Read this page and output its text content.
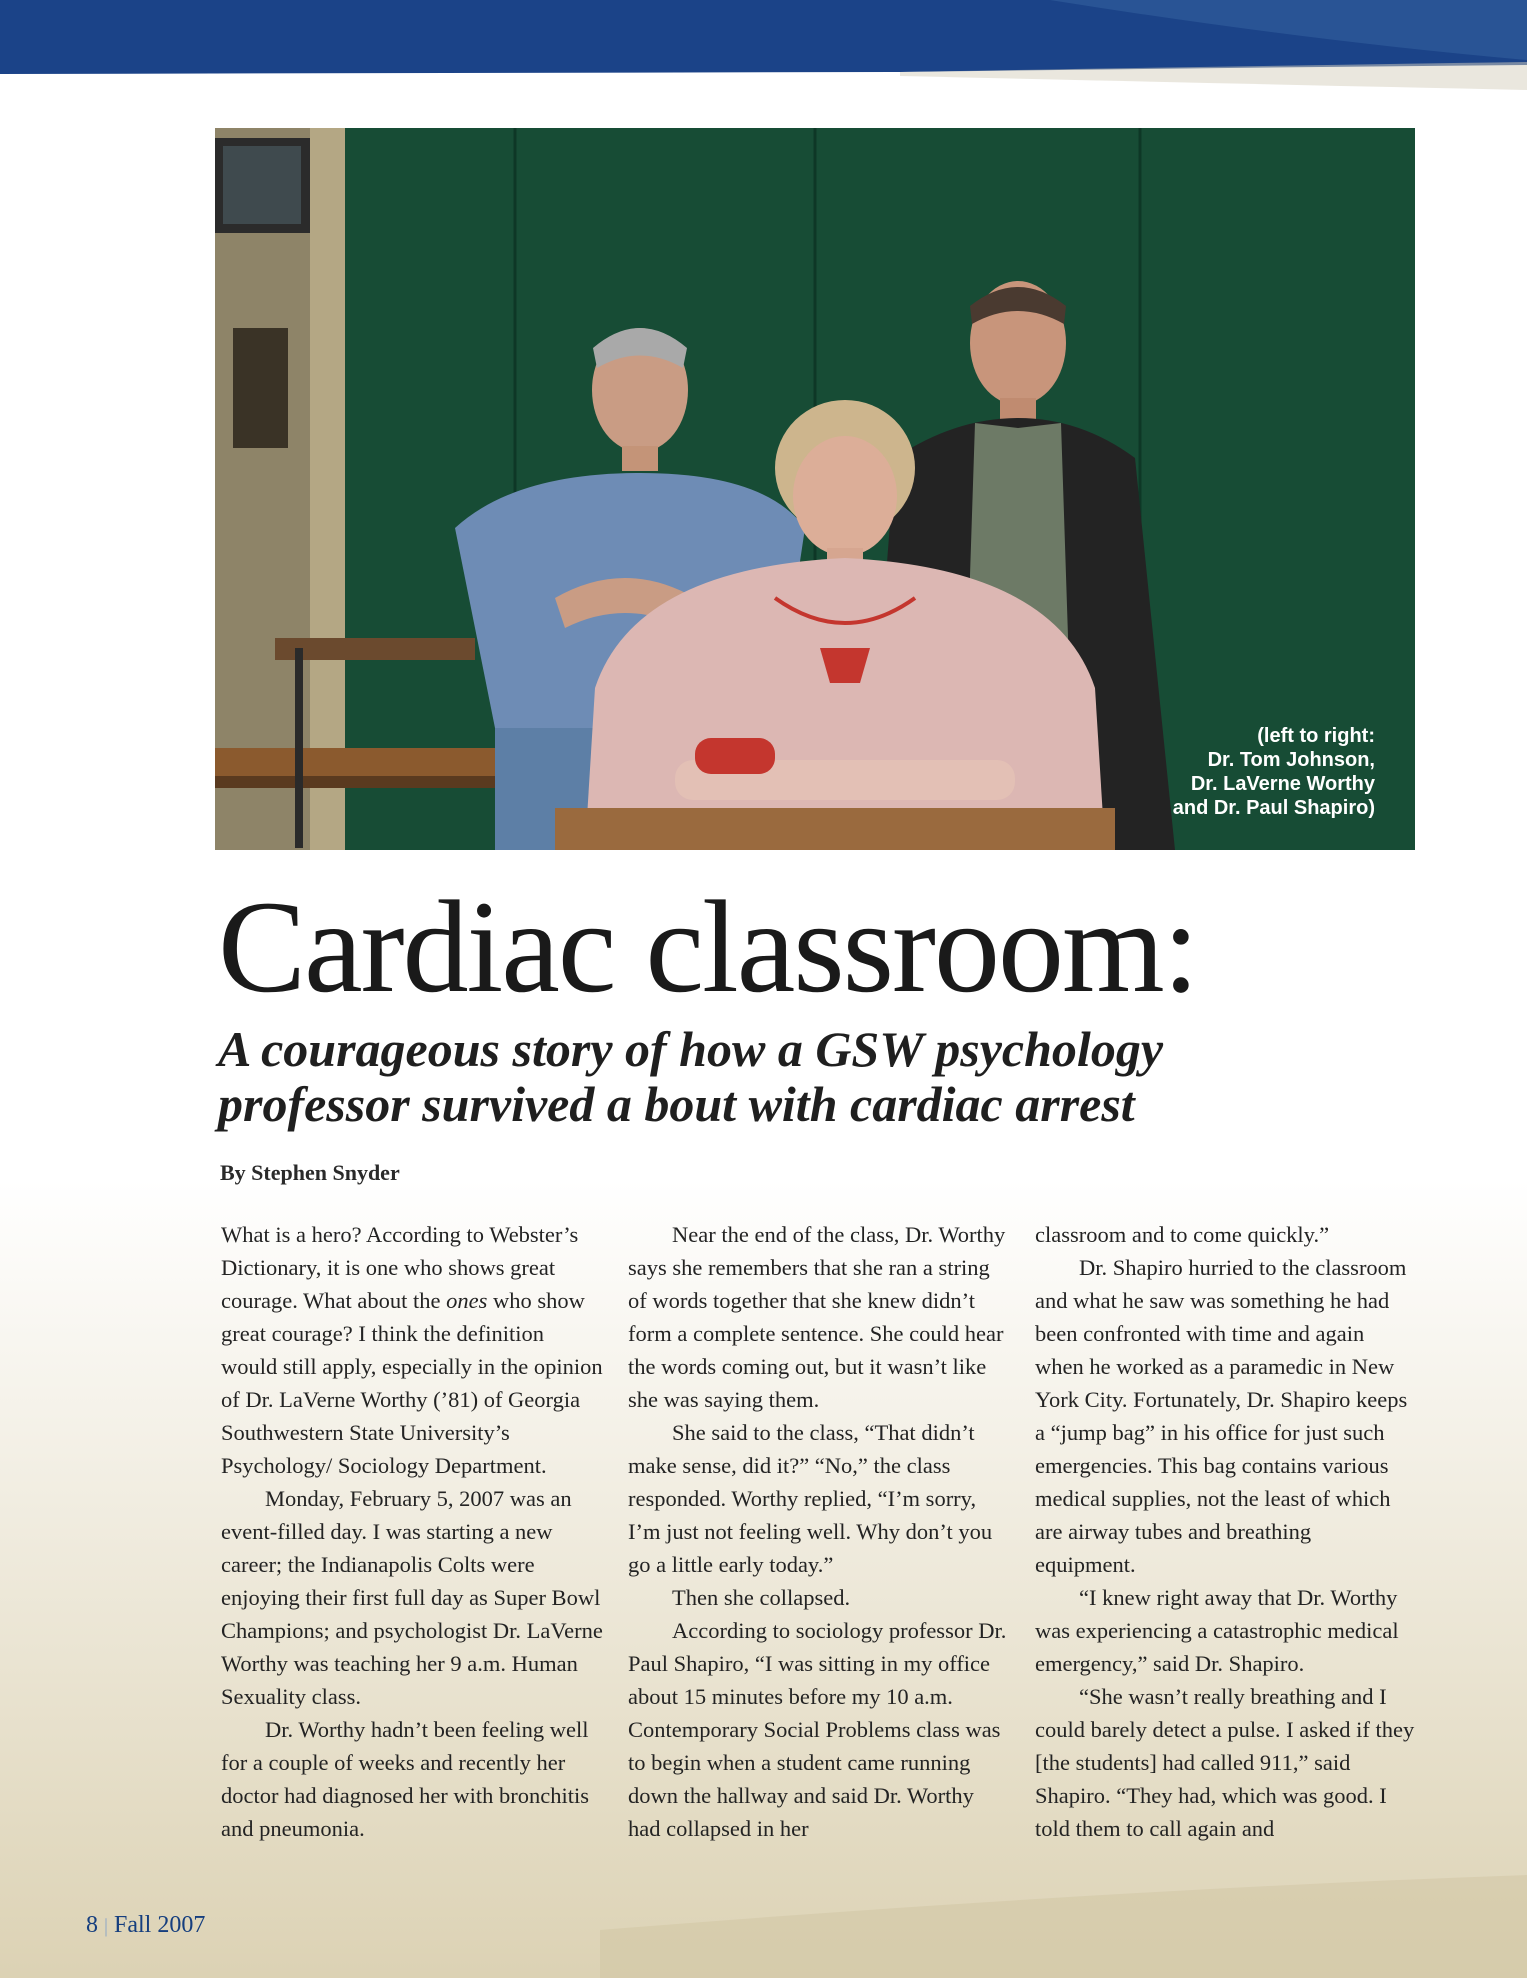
(left to right:
Dr. Tom Johnson,
Dr. LaVerne Worthy
and Dr. Paul Shapiro)
Cardiac classroom:
A courageous story of how a GSW psychology
professor survived a bout with cardiac arrest
By Stephen Snyder

What is a hero? According to Webster’s Dictionary, it is one who shows great courage. What about the ones who show great courage? I think the definition would still apply, especially in the opinion of Dr. LaVerne Worthy (’81) of Georgia Southwestern State University’s Psychology/ Sociology Department.

Monday, February 5, 2007 was an event-filled day. I was starting a new career; the Indianapolis Colts were enjoying their first full day as Super Bowl Champions; and psychologist Dr. LaVerne Worthy was teaching her 9 a.m. Human Sexuality class.

Dr. Worthy hadn’t been feeling well for a couple of weeks and recently her doctor had diagnosed her with bronchitis and pneumonia.

Near the end of the class, Dr. Worthy says she remembers that she ran a string of words together that she knew didn’t form a complete sentence. She could hear the words coming out, but it wasn’t like she was saying them.

She said to the class, “That didn’t make sense, did it?” “No,” the class responded. Worthy replied, “I’m sorry, I’m just not feeling well. Why don’t you go a little early today.”

Then she collapsed.

According to sociology professor Dr. Paul Shapiro, “I was sitting in my office about 15 minutes before my 10 a.m. Contemporary Social Problems class was to begin when a student came running down the hallway and said Dr. Worthy had collapsed in her

classroom and to come quickly.”

Dr. Shapiro hurried to the classroom and what he saw was something he had been confronted with time and again when he worked as a paramedic in New York City. Fortunately, Dr. Shapiro keeps a “jump bag” in his office for just such emergencies. This bag contains various medical supplies, not the least of which are airway tubes and breathing equipment.

“I knew right away that Dr. Worthy was experiencing a catastrophic medical emergency,” said Dr. Shapiro.

“She wasn’t really breathing and I could barely detect a pulse. I asked if they [the students] had called 911,” said Shapiro. “They had, which was good. I told them to call again and

8 | Fall 2007
